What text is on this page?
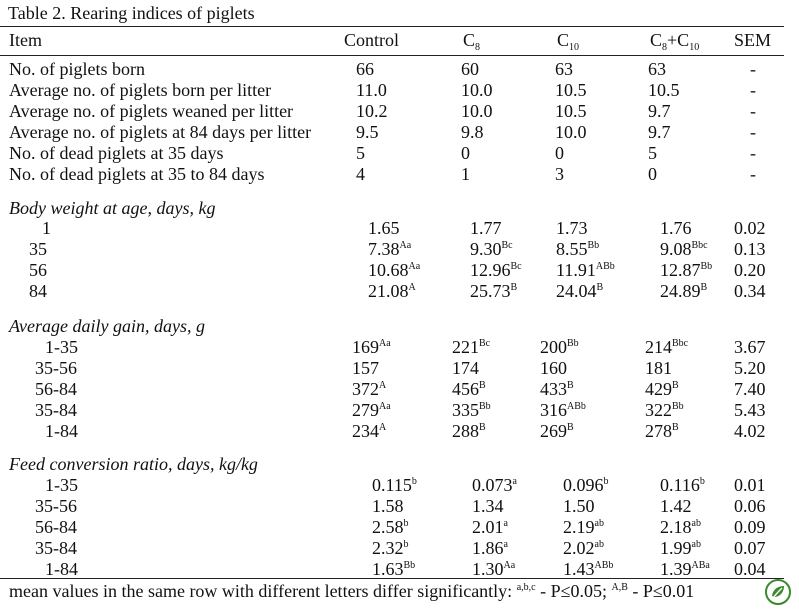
Table 2. Rearing indices of piglets
Item	Control	$C_8$	$C_{10}$	$C_8+C_{10}$ SEM
No. of piglets born	66	60	63	63	-
Average no. of piglets born per litter	11.0	10.0	10.5	10.5	-
Average no. of piglets weaned per litter	10.2	10.0	10.5	9.7	-
Average no. of piglets at 84 days per litter 9.5	9.8	10.0	9.7	-
No. of dead piglets at 35 days	5	0	0	5	-
No. of dead piglets at 35 to 84 days	4	1	3	0	-
Body weight at age, days, kg
1	1.65	1.77	1.73	1.76 0.02
35	$7.38^{Aa}$	$9.30^{Bc}$ $8.55^{Bb}$	$9.08^{Bbc}$ 0.13
56	$10.68^{Aa}$	$12.96^{Bc}$ $11.91^{ABb}$	$12.87^{Bb}$ 0.20
84	$21.08^A$	$25.73^B$ $24.04^B$	$24.89^B$ 0.34
Average daily gain, days, g
1-35	$169^{Aa}$	$221^{Bc}$	$200^{Bb}$	$214^{Bbc}$	3.67
35-56	157	174	160	181	5.20
56-84	$372^A$	$456^B$	$433^B$	$429^B$	7.40
35-84	$279^{Aa}$	$335^{Bb}$	$316^{ABb}$	$322^{Bb}$	5.43
1-84	$234^A$	$288^B$	$269^B$	$278^B$	4.02
Feed conversion ratio, days, kg/kg
1-35	0.115$^b$	0.073$^a$	0.096$^b$	0.116$^b$ 0.01
35-56	1.58	1.34	1.50	1.42 0.06
56-84	2.58$^b$	2.01$^a$	2.19$^{ab}$	2.18$^{ab}$ 0.09
35-84	2.32$^b$	1.86$^a$	2.02$^{ab}$	1.99$^{ab}$ 0.07
1-84	$1.63^{Bb}$	$1.30^{Aa}$	$1.43^{ABb}$	$1.39^{ABa}$ 0.04
mean values in the same row with different letters differ significantly: $^{a,b,c}$ - P≤0.05; $^{A,B}$ - P≤0.01
